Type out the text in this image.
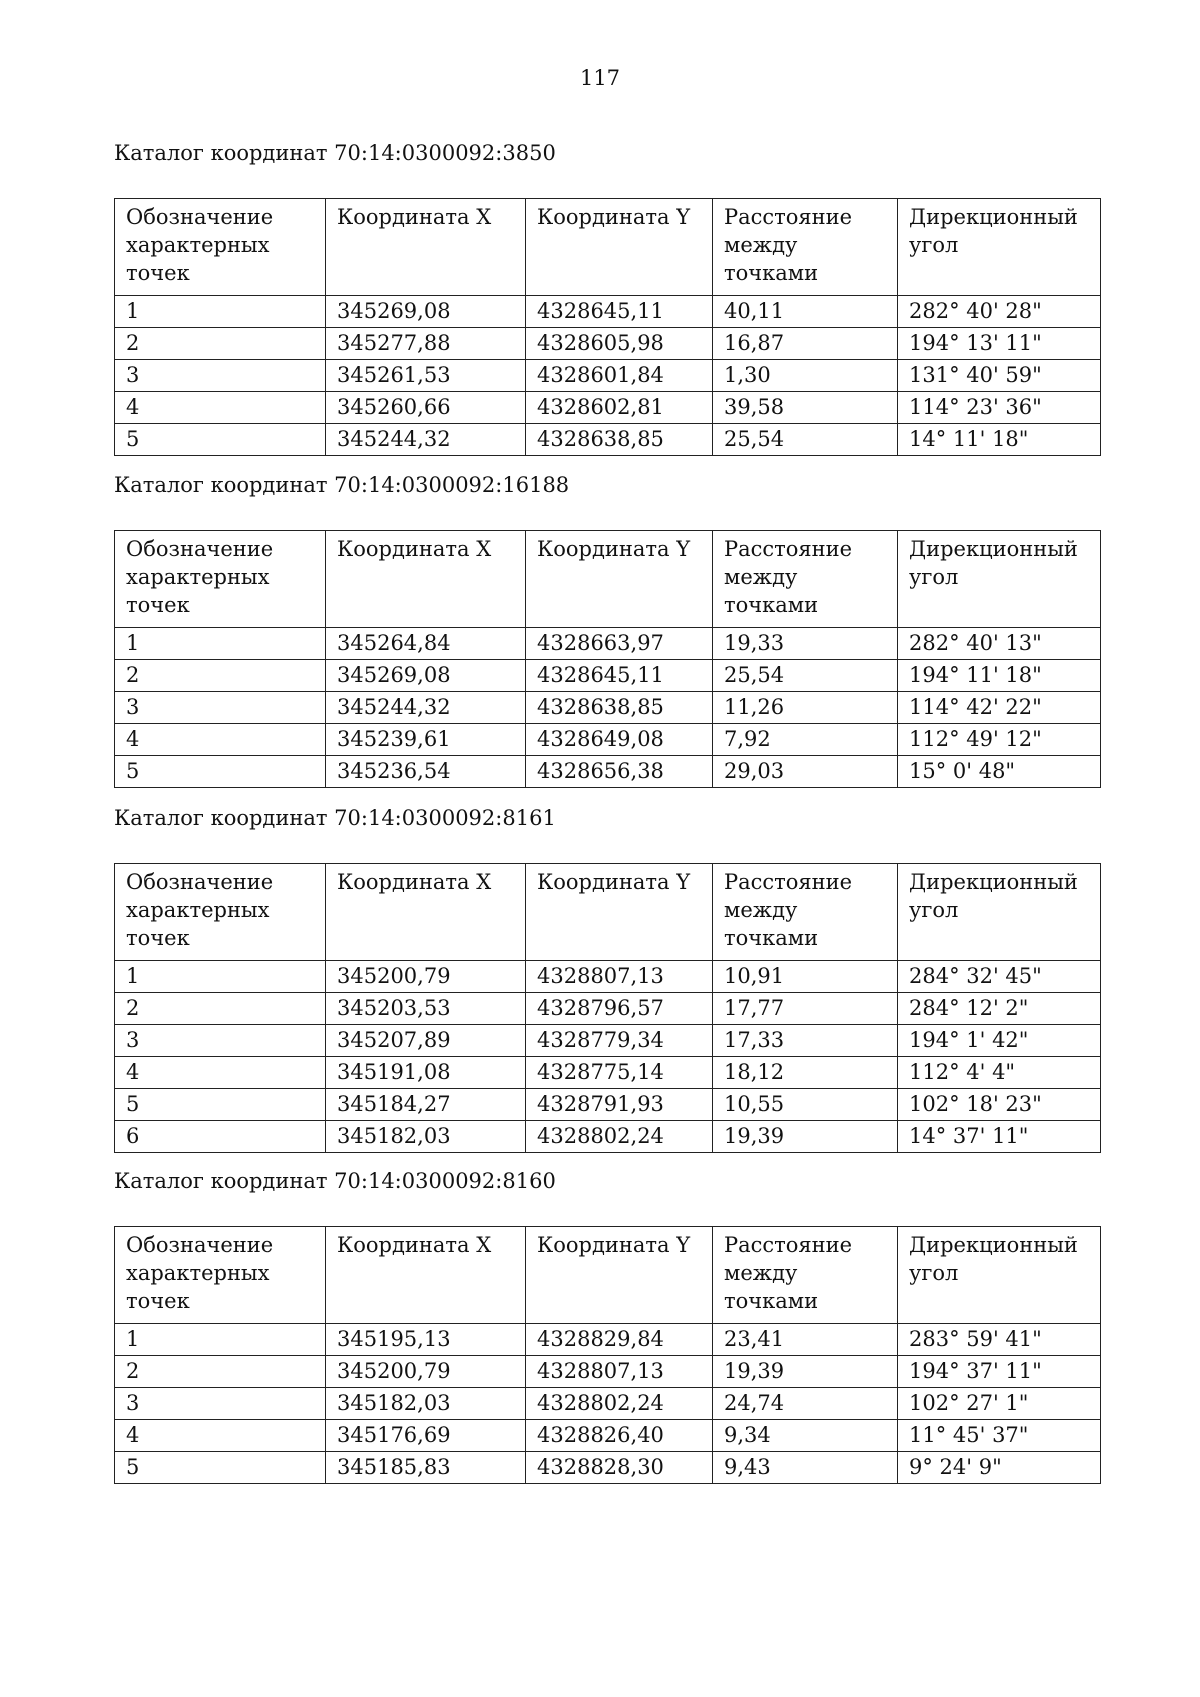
117

Каталог координат 70:14:0300092:3850

Обозначение характерных точек	Координата X	Координата Y	Расстояние между точками	Дирекционный угол
1	345269,08	4328645,11	40,11	282° 40' 28"
2	345277,88	4328605,98	16,87	194° 13' 11"
3	345261,53	4328601,84	1,30	131° 40' 59"
4	345260,66	4328602,81	39,58	114° 23' 36"
5	345244,32	4328638,85	25,54	14° 11' 18"

Каталог координат 70:14:0300092:16188

Обозначение характерных точек	Координата X	Координата Y	Расстояние между точками	Дирекционный угол
1	345264,84	4328663,97	19,33	282° 40' 13"
2	345269,08	4328645,11	25,54	194° 11' 18"
3	345244,32	4328638,85	11,26	114° 42' 22"
4	345239,61	4328649,08	7,92	112° 49' 12"
5	345236,54	4328656,38	29,03	15° 0' 48"

Каталог координат 70:14:0300092:8161

Обозначение характерных точек	Координата X	Координата Y	Расстояние между точками	Дирекционный угол
1	345200,79	4328807,13	10,91	284° 32' 45"
2	345203,53	4328796,57	17,77	284° 12' 2"
3	345207,89	4328779,34	17,33	194° 1' 42"
4	345191,08	4328775,14	18,12	112° 4' 4"
5	345184,27	4328791,93	10,55	102° 18' 23"
6	345182,03	4328802,24	19,39	14° 37' 11"

Каталог координат 70:14:0300092:8160

Обозначение характерных точек	Координата X	Координата Y	Расстояние между точками	Дирекционный угол
1	345195,13	4328829,84	23,41	283° 59' 41"
2	345200,79	4328807,13	19,39	194° 37' 11"
3	345182,03	4328802,24	24,74	102° 27' 1"
4	345176,69	4328826,40	9,34	11° 45' 37"
5	345185,83	4328828,30	9,43	9° 24' 9"
